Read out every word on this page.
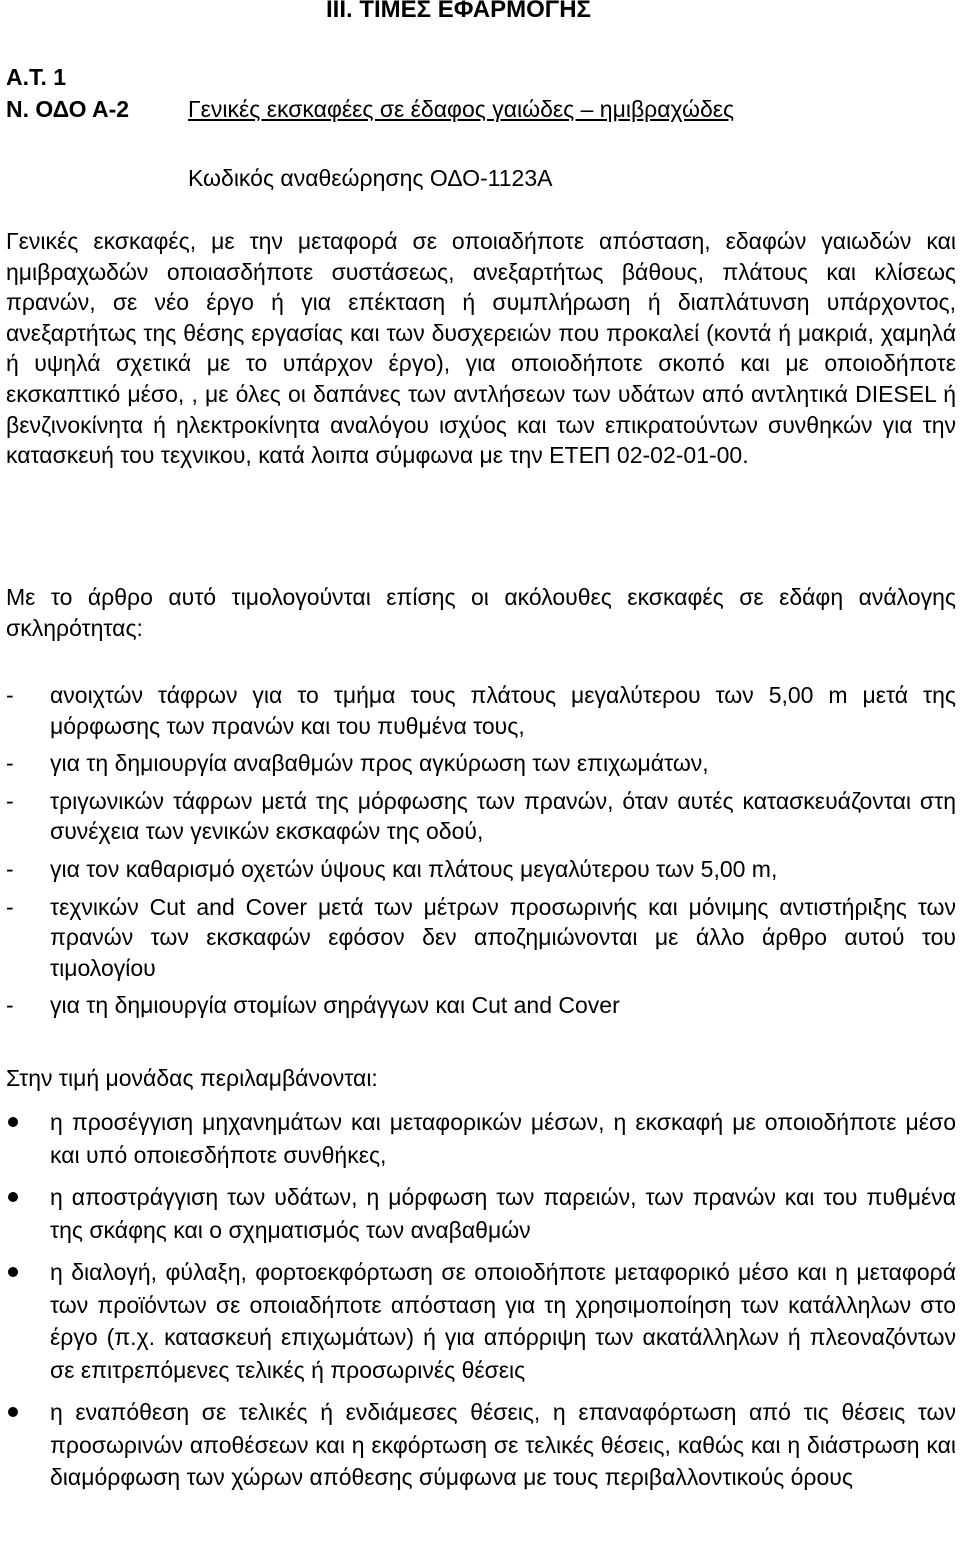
III. ΤΙΜΕΣ ΕΦΑΡΜΟΓΗΣ
Α.Τ. 1
Ν. ΟΔΟ Α-2	Γενικές εκσκαφέες σε έδαφος γαιώδες – ημιβραχώδες
Κωδικός αναθεώρησης ΟΔΟ-1123Α

Γενικές εκσκαφές, με την μεταφορά σε οποιαδήποτε απόσταση, εδαφών γαιωδών και ημιβραχωδών οποιασδήποτε συστάσεως, ανεξαρτήτως βάθους, πλάτους και κλίσεως πρανών, σε νέο έργο ή για επέκταση ή συμπλήρωση ή διαπλάτυνση υπάρχοντος, ανεξαρτήτως της θέσης εργασίας και των δυσχερειών που προκαλεί (κοντά ή μακριά, χαμηλά ή υψηλά σχετικά με το υπάρχον έργο), για οποιοδήποτε σκοπό και με οποιοδήποτε εκσκαπτικό μέσο, , με όλες οι δαπάνες των αντλήσεων των υδάτων από αντλητικά DIESEL ή βενζινοκίνητα ή ηλεκτροκίνητα αναλόγου ισχύος και των επικρατούντων συνθηκών για την κατασκευή του τεχνικου, κατά λοιπα σύμφωνα με την ΕΤΕΠ 02-02-01-00.

Με το άρθρο αυτό τιμολογούνται επίσης οι ακόλουθες εκσκαφές σε εδάφη ανάλογης σκληρότητας:

- ανοιχτών τάφρων για το τμήμα τους πλάτους μεγαλύτερου των 5,00 m μετά της μόρφωσης των πρανών και του πυθμένα τους,
- για τη δημιουργία αναβαθμών προς αγκύρωση των επιχωμάτων,
- τριγωνικών τάφρων μετά της μόρφωσης των πρανών, όταν αυτές κατασκευάζονται στη συνέχεια των γενικών εκσκαφών της οδού,
- για τον καθαρισμό οχετών ύψους και πλάτους μεγαλύτερου των 5,00 m,
- τεχνικών Cut and Cover μετά των μέτρων προσωρινής και μόνιμης αντιστήριξης των πρανών των εκσκαφών εφόσον δεν αποζημιώνονται με άλλο άρθρο αυτού του τιμολογίου
- για τη δημιουργία στομίων σηράγγων και Cut and Cover
Στην τιμή μονάδας περιλαμβάνονται:
η προσέγγιση μηχανημάτων και μεταφορικών μέσων, η εκσκαφή με οποιοδήποτε μέσο και υπό οποιεσδήποτε συνθήκες,
η αποστράγγιση των υδάτων, η μόρφωση των παρειών, των πρανών και του πυθμένα της σκάφης και ο σχηματισμός των αναβαθμών
η διαλογή, φύλαξη, φορτοεκφόρτωση σε οποιοδήποτε μεταφορικό μέσο και η μεταφορά των προϊόντων σε οποιαδήποτε απόσταση για τη χρησιμοποίηση των κατάλληλων στο έργο (π.χ. κατασκευή επιχωμάτων) ή για απόρριψη των ακατάλληλων ή πλεοναζόντων σε επιτρεπόμενες τελικές ή προσωρινές θέσεις
η εναπόθεση σε τελικές ή ενδιάμεσες θέσεις, η επαναφόρτωση από τις θέσεις των προσωρινών αποθέσεων και η εκφόρτωση σε τελικές θέσεις, καθώς και η διάστρωση και διαμόρφωση των χώρων απόθεσης σύμφωνα με τους περιβαλλοντικούς όρους
